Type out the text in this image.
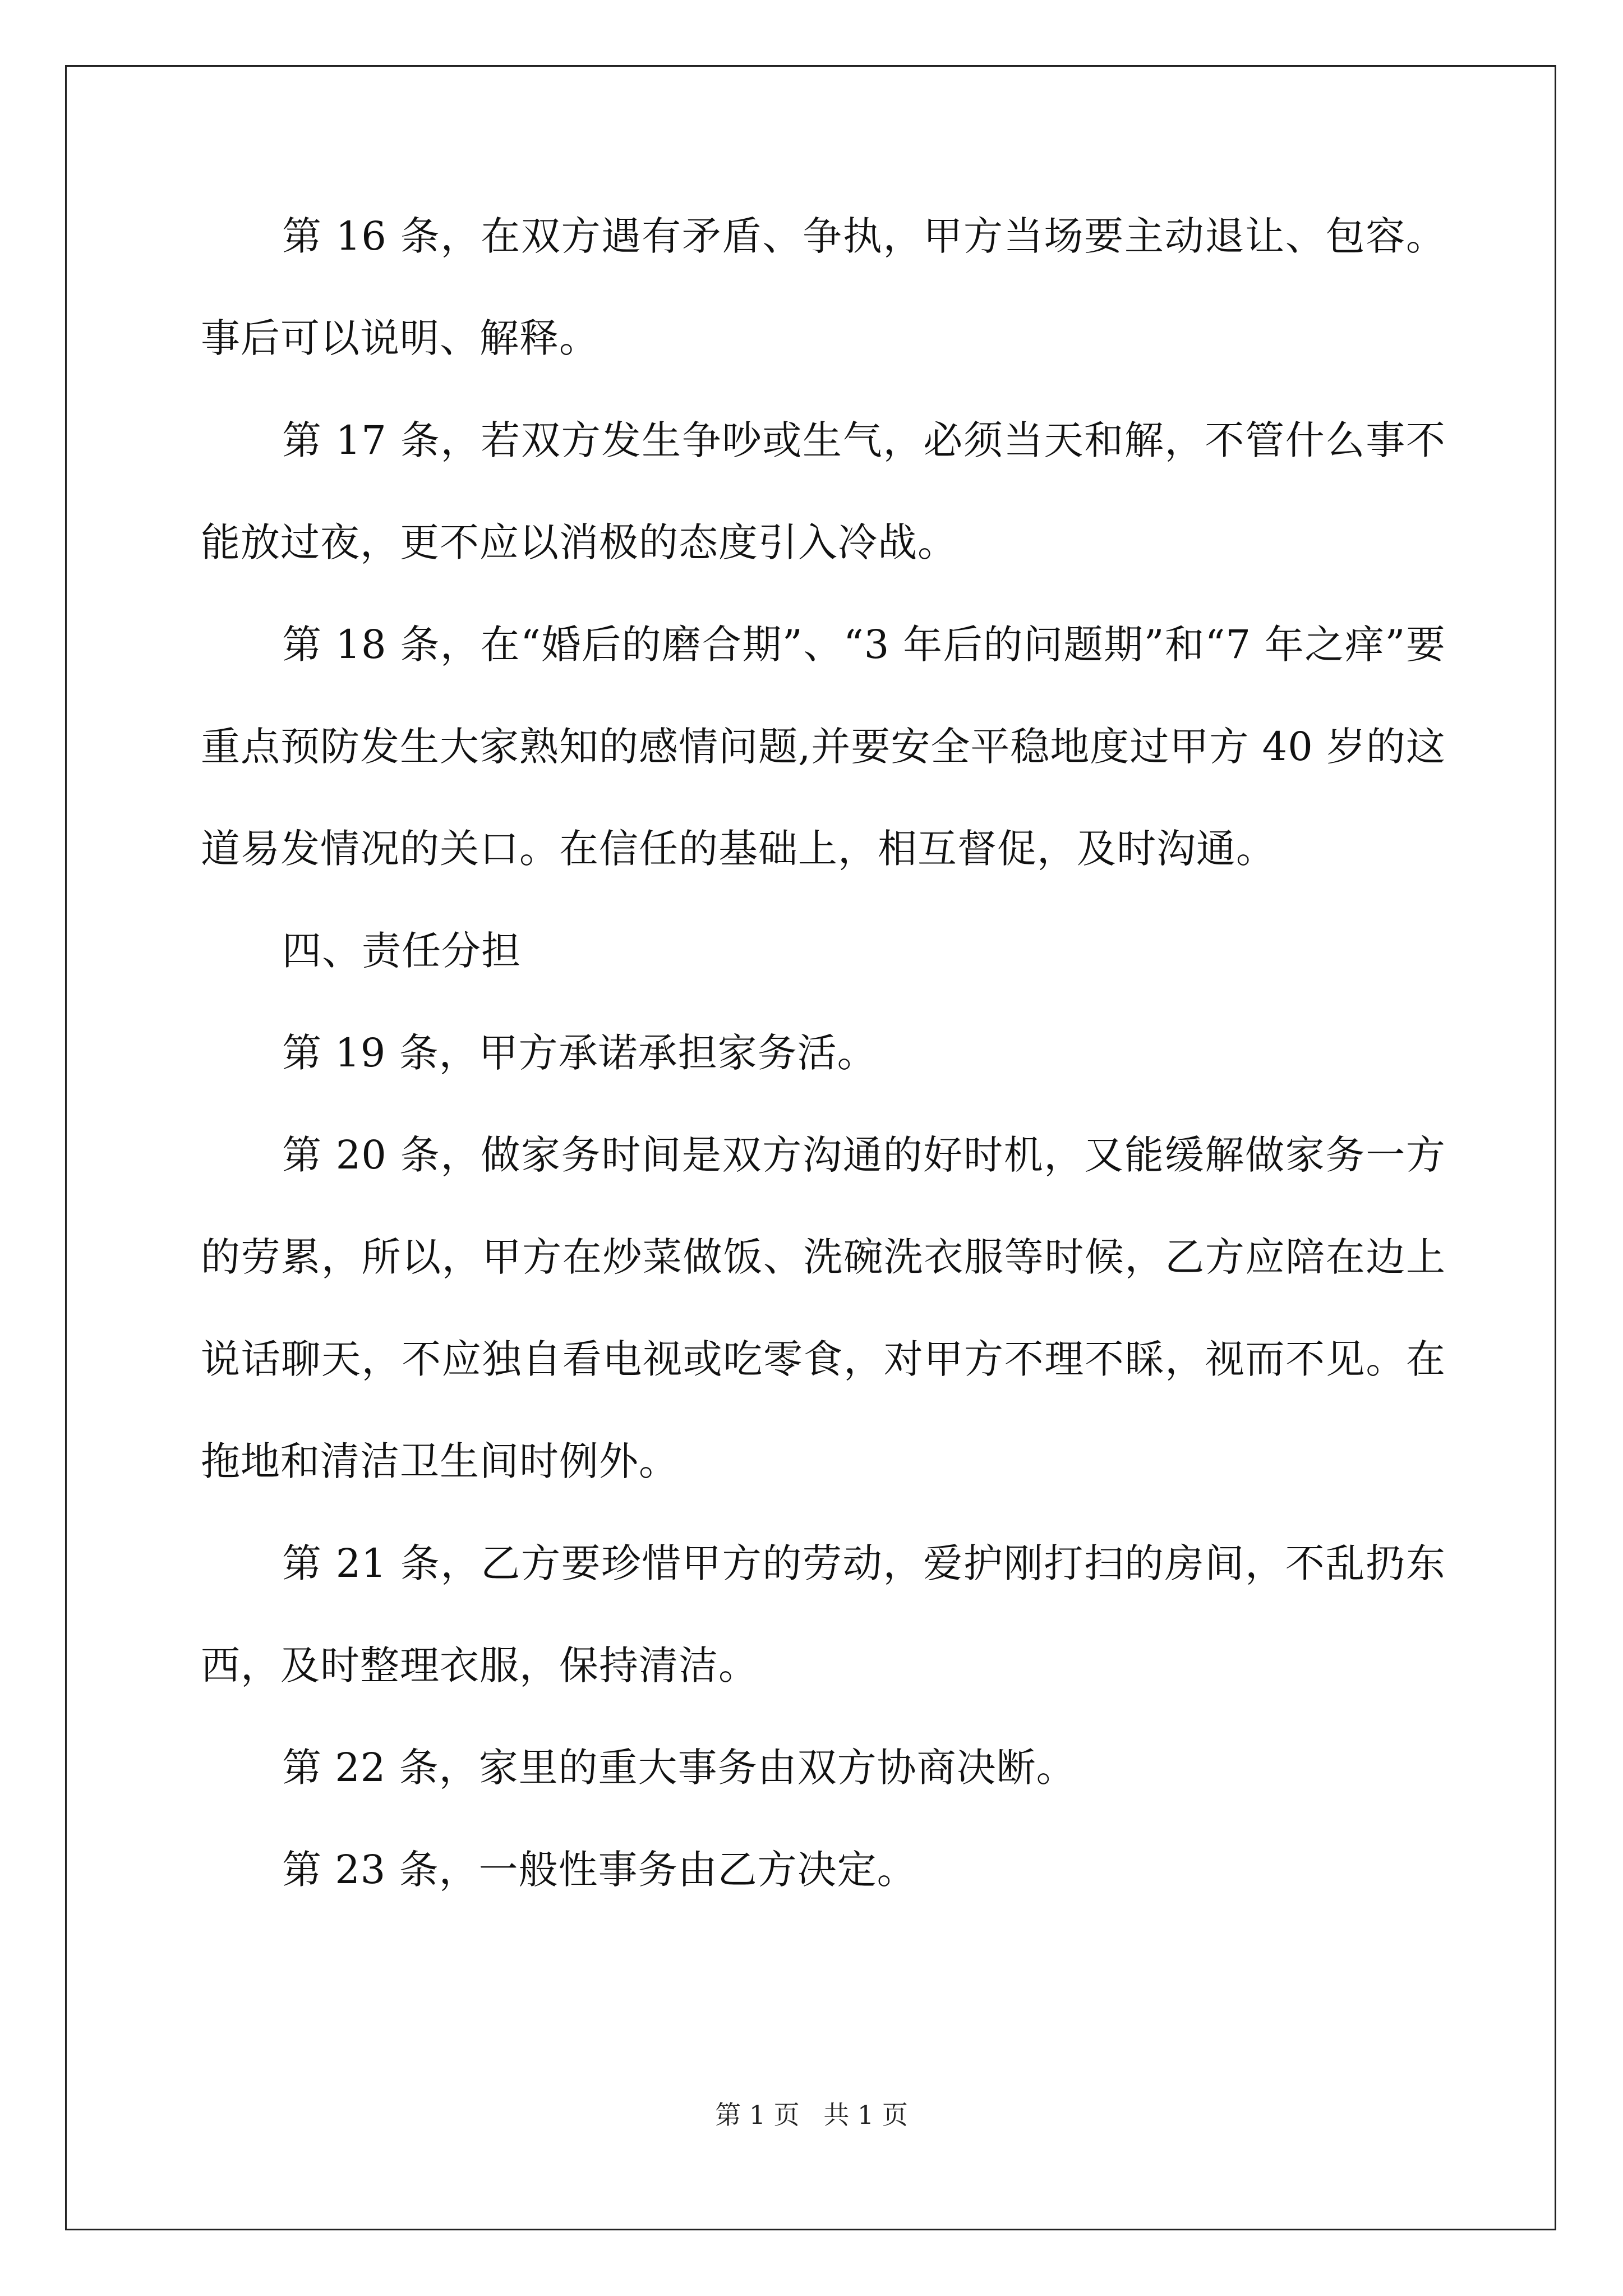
第 16 条，在双方遇有矛盾、争执，甲方当场要主动退让、包容。事后可以说明、解释。

第 17 条，若双方发生争吵或生气，必须当天和解，不管什么事不能放过夜，更不应以消极的态度引入冷战。

第 18 条，在“婚后的磨合期”、“3 年后的问题期”和“7 年之痒”要重点预防发生大家熟知的感情问题,并要安全平稳地度过甲方 40 岁的这道易发情况的关口。在信任的基础上，相互督促，及时沟通。

四、责任分担

第 19 条，甲方承诺承担家务活。

第 20 条，做家务时间是双方沟通的好时机，又能缓解做家务一方的劳累，所以，甲方在炒菜做饭、洗碗洗衣服等时候，乙方应陪在边上说话聊天，不应独自看电视或吃零食，对甲方不理不睬，视而不见。在拖地和清洁卫生间时例外。

第 21 条，乙方要珍惜甲方的劳动，爱护刚打扫的房间，不乱扔东西，及时整理衣服，保持清洁。

第 22 条，家里的重大事务由双方协商决断。

第 23 条，一般性事务由乙方决定。

第 1 页 共 1 页
